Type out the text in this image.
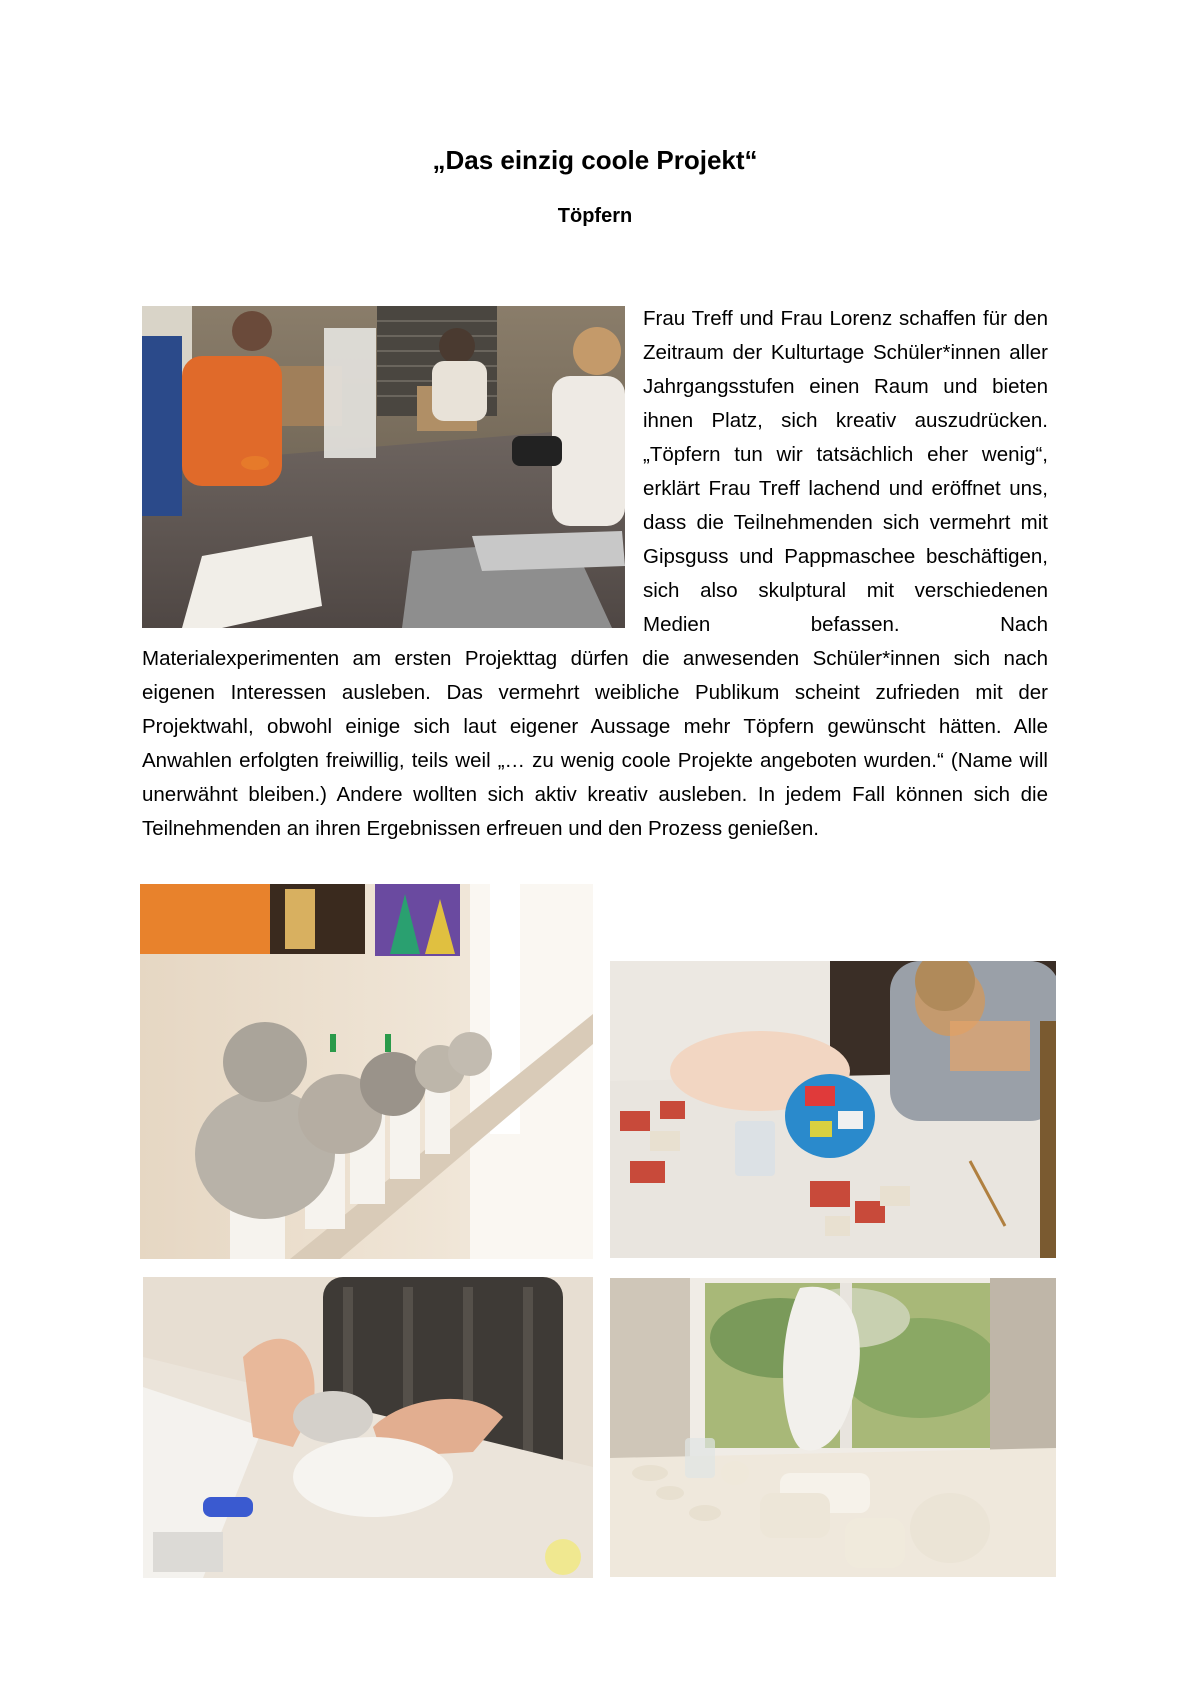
„Das einzig coole Projekt“
Töpfern
Frau Treff und Frau Lorenz schaffen für den Zeitraum der Kulturtage Schüler*innen aller Jahrgangsstufen einen Raum und bieten ihnen Platz, sich kreativ auszudrücken. „Töpfern tun wir tatsächlich eher wenig“, erklärt Frau Treff lachend und eröffnet uns, dass die Teilnehmenden sich vermehrt mit Gipsguss und Pappmaschee beschäftigen, sich also skulptural mit verschiedenen Medien befassen. Nach Materialexperimenten am ersten Projekttag dürfen die anwesenden Schüler*innen sich nach eigenen Interessen ausleben. Das vermehrt weibliche Publikum scheint zufrieden mit der Projektwahl, obwohl einige sich laut eigener Aussage mehr Töpfern gewünscht hätten. Alle Anwahlen erfolgten freiwillig, teils weil „… zu wenig coole Projekte angeboten wurden.“ (Name will unerwähnt bleiben.) Andere wollten sich aktiv kreativ ausleben. In jedem Fall können sich die Teilnehmenden an ihren Ergebnissen erfreuen und den Prozess genießen.
